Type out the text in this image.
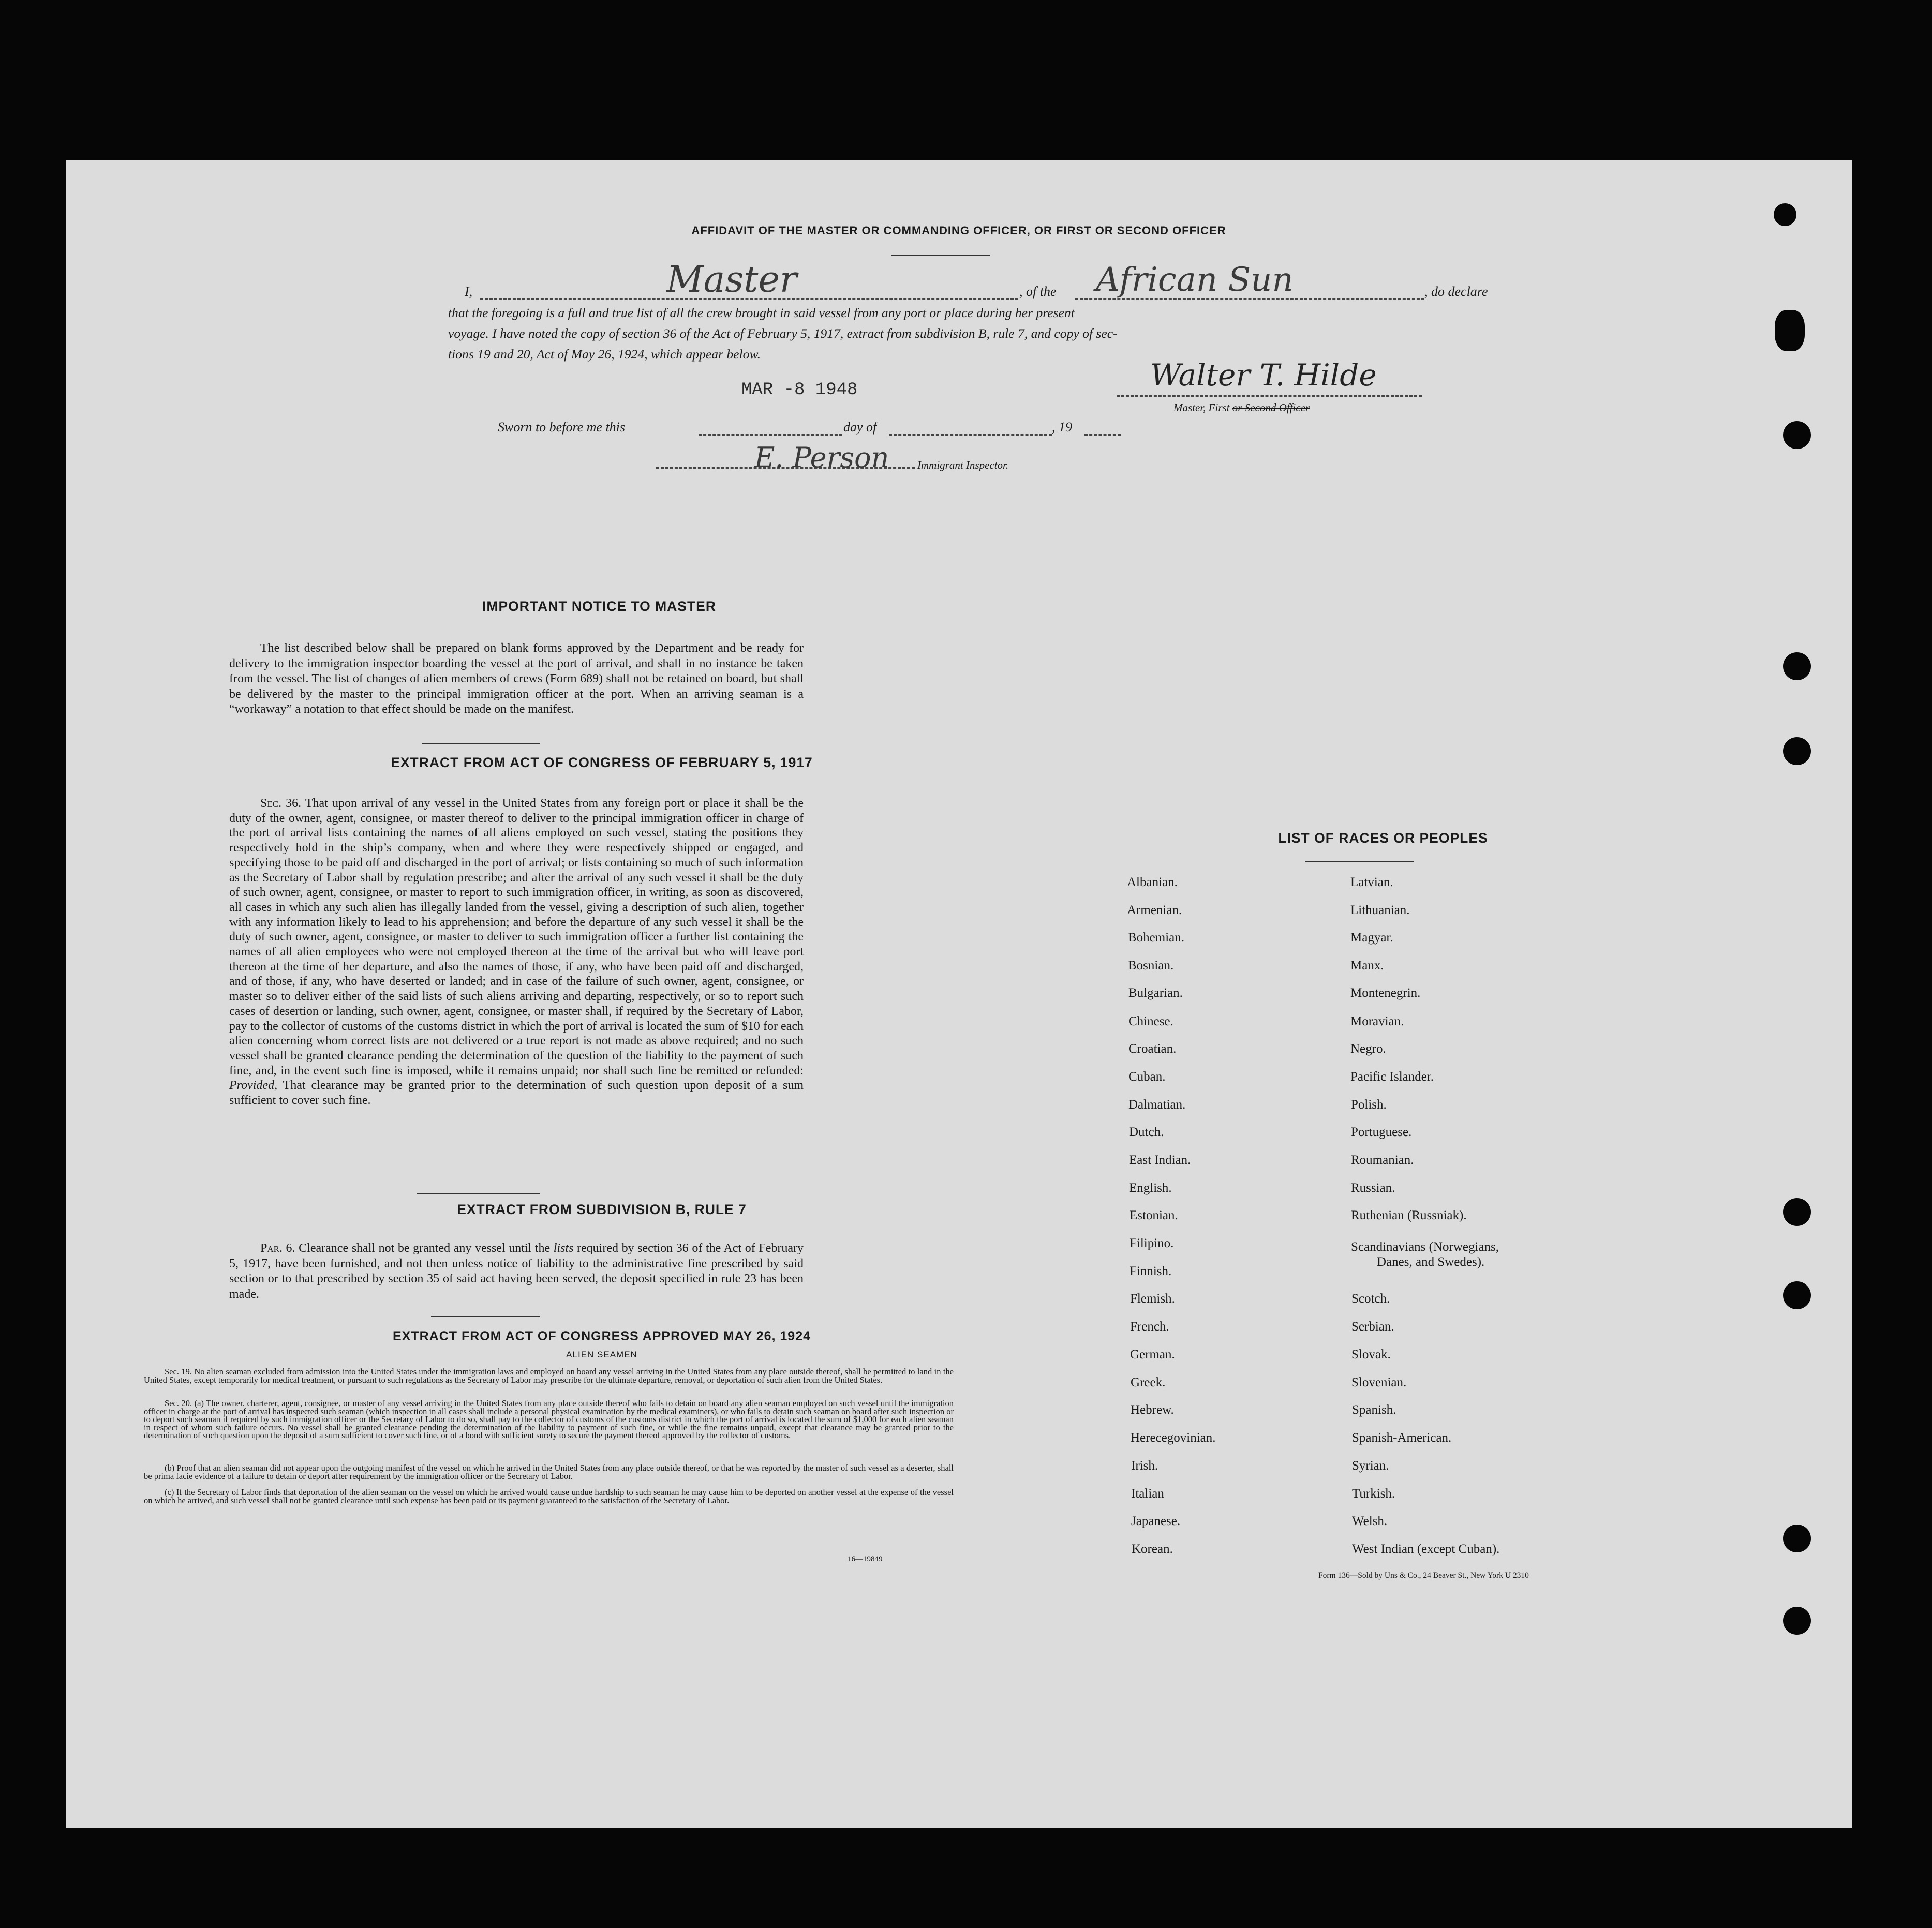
AFFIDAVIT OF THE MASTER OR COMMANDING OFFICER, OR FIRST OR SECOND OFFICER
I,	Master	, of the African Sun	, do declare
that the foregoing is a full and true list of all the crew brought in said vessel from any port or place during her present
voyage. I have noted the copy of section 36 of the Act of February 5, 1917, extract from subdivision B, rule 7, and copy of sec-
tions 19 and 20, Act of May 26, 1924, which appear below.
MAR -8 1948	Walter T. Hilde
Master, First or Second Officer
Sworn to before me this	day of	, 19
E. Person	Immigrant Inspector.
IMPORTANT NOTICE TO MASTER
The list described below shall be prepared on blank forms approved by the Department and be ready for delivery to the immigration inspector boarding the vessel at the port of arrival, and shall in no instance be taken from the vessel. The list of changes of alien members of crews (Form 689) shall not be retained on board, but shall be delivered by the master to the principal immigration officer at the port. When an arriving seaman is a “workaway” a notation to that effect should be made on the manifest.
EXTRACT FROM ACT OF CONGRESS OF FEBRUARY 5, 1917
Sec. 36. That upon arrival of any vessel in the United States from any foreign port or place it shall be the duty of the owner, agent, consignee, or master thereof to deliver to the principal immigration officer in charge of the port of arrival lists containing the names of all aliens employed on such vessel, stating the positions they respectively hold in the ship’s company, when and where they were respectively shipped or engaged, and specifying those to be paid off and discharged in the port of arrival; or lists containing so much of such information as the Secretary of Labor shall by regulation prescribe; and after the arrival of any such vessel it shall be the duty of such owner, agent, consignee, or master to report to such immigration officer, in writing, as soon as discovered, all cases in which any such alien has illegally landed from the vessel, giving a description of such alien, together with any information likely to lead to his apprehension; and before the departure of any such vessel it shall be the duty of such owner, agent, consignee, or master to deliver to such immigration officer a further list containing the names of all alien employees who were not employed thereon at the time of the arrival but who will leave port thereon at the time of her departure, and also the names of those, if any, who have been paid off and discharged, and of those, if any, who have deserted or landed; and in case of the failure of such owner, agent, consignee, or master so to deliver either of the said lists of such aliens arriving and departing, respectively, or so to report such cases of desertion or landing, such owner, agent, consignee, or master shall, if required by the Secretary of Labor, pay to the collector of customs of the customs district in which the port of arrival is located the sum of $10 for each alien concerning whom correct lists are not delivered or a true report is not made as above required; and no such vessel shall be granted clearance pending the determination of the question of the liability to the payment of such fine, and, in the event such fine is imposed, while it remains unpaid; nor shall such fine be remitted or refunded: Provided, That clearance may be granted prior to the determination of such question upon deposit of a sum sufficient to cover such fine.
EXTRACT FROM SUBDIVISION B, RULE 7
Par. 6. Clearance shall not be granted any vessel until the lists required by section 36 of the Act of February 5, 1917, have been furnished, and not then unless notice of liability to the administrative fine prescribed by said section or to that prescribed by section 35 of said act having been served, the deposit specified in rule 23 has been made.
EXTRACT FROM ACT OF CONGRESS APPROVED MAY 26, 1924
ALIEN SEAMEN
Sec. 19. No alien seaman excluded from admission into the United States under the immigration laws and employed on board any vessel arriving in the United States from any place outside thereof, shall be permitted to land in the United States, except temporarily for medical treatment, or pursuant to such regulations as the Secretary of Labor may prescribe for the ultimate departure, removal, or deportation of such alien from the United States.
Sec. 20. (a) The owner, charterer, agent, consignee, or master of any vessel arriving in the United States from any place outside thereof who fails to detain on board any alien seaman employed on such vessel until the immigration officer in charge at the port of arrival has inspected such seaman (which inspection in all cases shall include a personal physical examination by the medical examiners), or who fails to detain such seaman on board after such inspection or to deport such seaman if required by such immigration officer or the Secretary of Labor to do so, shall pay to the collector of customs of the customs district in which the port of arrival is located the sum of $1,000 for each alien seaman in respect of whom such failure occurs. No vessel shall be granted clearance pending the determination of the liability to payment of such fine, or while the fine remains unpaid, except that clearance may be granted prior to the determination of such question upon the deposit of a sum sufficient to cover such fine, or of a bond with sufficient surety to secure the payment thereof approved by the collector of customs.
(b) Proof that an alien seaman did not appear upon the outgoing manifest of the vessel on which he arrived in the United States from any place outside thereof, or that he was reported by the master of such vessel as a deserter, shall be prima facie evidence of a failure to detain or deport after requirement by the immigration officer or the Secretary of Labor.
(c) If the Secretary of Labor finds that deportation of the alien seaman on the vessel on which he arrived would cause undue hardship to such seaman he may cause him to be deported on another vessel at the expense of the vessel on which he arrived, and such vessel shall not be granted clearance until such expense has been paid or its payment guaranteed to the satisfaction of the Secretary of Labor.
16—19849
LIST OF RACES OR PEOPLES
Albanian.
Armenian.
Bohemian.
Bosnian.
Bulgarian.
Chinese.
Croatian.
Cuban.
Dalmatian.
Dutch.
East Indian.
English.
Estonian.
Filipino.
Finnish.
Flemish.
French.
German.
Greek.
Hebrew.
Herecegovinian.
Irish.
Italian
Japanese.
Korean.
Latvian.
Lithuanian.
Magyar.
Manx.
Montenegrin.
Moravian.
Negro.
Pacific Islander.
Polish.
Portuguese.
Roumanian.
Russian.
Ruthenian (Russniak).
Scandinavians (Norwegians,
Danes, and Swedes).
Scotch.
Serbian.
Slovak.
Slovenian.
Spanish.
Spanish-American.
Syrian.
Turkish.
Welsh.
West Indian (except Cuban).
Form 136—Sold by Uns & Co., 24 Beaver St., New York U 2310
